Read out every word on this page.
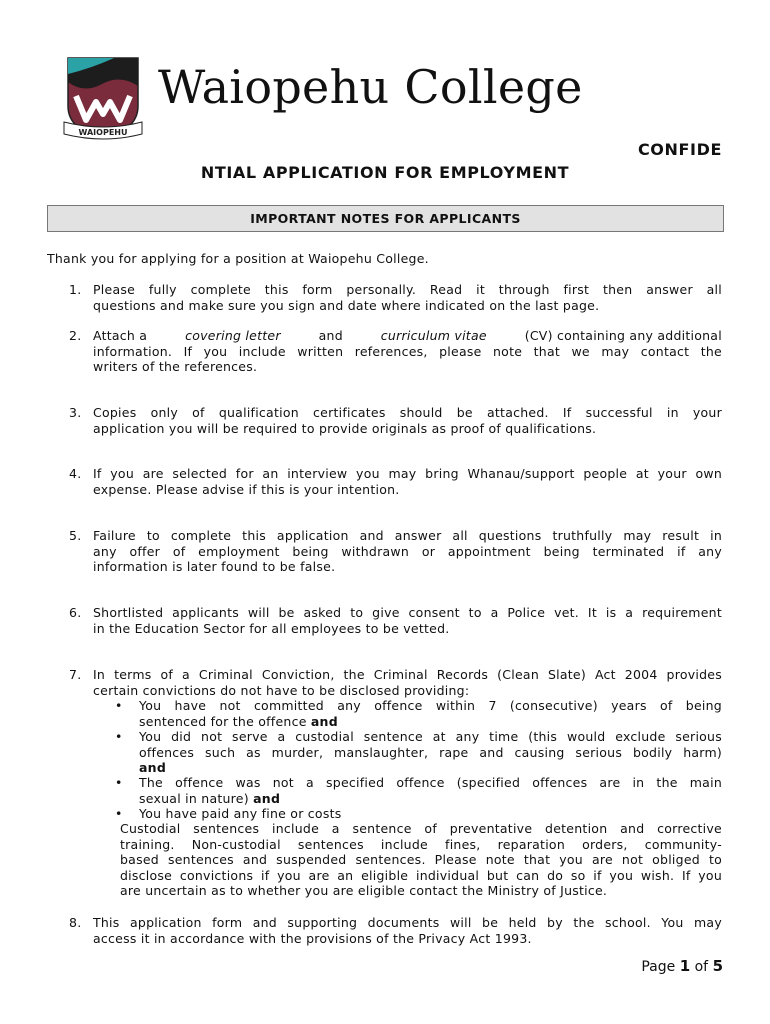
WAIOPEHU
Waiopehu College
CONFIDE
NTIAL APPLICATION FOR EMPLOYMENT
IMPORTANT NOTES FOR APPLICANTS
Thank you for applying for a position at Waiopehu College.
1. Please fully complete this form personally. Read it through first then answer all
questions and make sure you sign and date where indicated on the last page.
2. Attach a	covering letter	and	curriculum vitae	(CV) containing any additional
information. If you include written references, please note that we may contact the
writers of the references.
3. Copies only of qualification certificates should be attached. If successful in your
application you will be required to provide originals as proof of qualifications.
4. If you are selected for an interview you may bring Whanau/support people at your own
expense. Please advise if this is your intention.
5. Failure to complete this application and answer all questions truthfully may result in
any offer of employment being withdrawn or appointment being terminated if any
information is later found to be false.
6. Shortlisted applicants will be asked to give consent to a Police vet. It is a requirement
in the Education Sector for all employees to be vetted.
7. In terms of a Criminal Conviction, the Criminal Records (Clean Slate) Act 2004 provides
certain convictions do not have to be disclosed providing:
• You have not committed any offence within 7 (consecutive) years of being
sentenced for the offence and
• You did not serve a custodial sentence at any time (this would exclude serious
offences such as murder, manslaughter, rape and causing serious bodily harm)
and
• The offence was not a specified offence (specified offences are in the main
sexual in nature) and
• You have paid any fine or costs
Custodial sentences include a sentence of preventative detention and corrective
training. Non-custodial sentences include fines, reparation orders, community-
based sentences and suspended sentences. Please note that you are not obliged to
disclose convictions if you are an eligible individual but can do so if you wish. If you
are uncertain as to whether you are eligible contact the Ministry of Justice.
8. This application form and supporting documents will be held by the school. You may
access it in accordance with the provisions of the Privacy Act 1993.
Page 1 of 5
